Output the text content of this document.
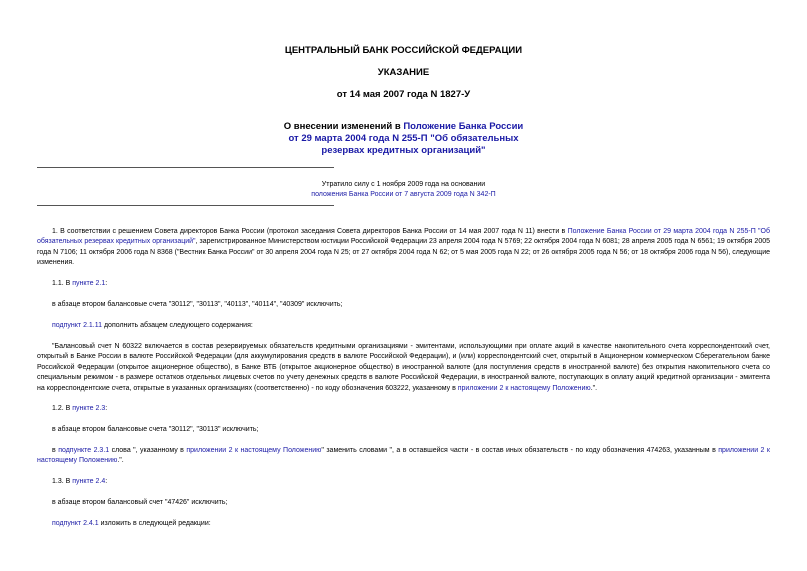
ЦЕНТРАЛЬНЫЙ БАНК РОССИЙСКОЙ ФЕДЕРАЦИИ
УКАЗАНИЕ
от 14 мая 2007 года N 1827-У
О внесении изменений в Положение Банка России
от 29 марта 2004 года N 255-П "Об обязательных
резервах кредитных организаций"
Утратило силу с 1 ноября 2009 года на основании
положения Банка России от 7 августа 2009 года N 342-П
1. В соответствии с решением Совета директоров Банка России (протокол заседания Совета директоров Банка России от 14 мая 2007 года N 11) внести в Положение Банка России от 29 марта 2004 года N 255-П "Об обязательных резервах кредитных организаций", зарегистрированное Министерством юстиции Российской Федерации 23 апреля 2004 года N 5769; 22 октября 2004 года N 6081; 28 апреля 2005 года N 6561; 19 октября 2005 года N 7106; 11 октября 2006 года N 8368 ("Вестник Банка России" от 30 апреля 2004 года N 25; от 27 октября 2004 года N 62; от 5 мая 2005 года N 22; от 26 октября 2005 года N 56; от 18 октября 2006 года N 56), следующие изменения.
1.1. В пункте 2.1:
в абзаце втором балансовые счета "30112", "30113", "40113", "40114", "40309" исключить;
подпункт 2.1.11 дополнить абзацем следующего содержания:
"Балансовый счет N 60322 включается в состав резервируемых обязательств кредитными организациями - эмитентами, использующими при оплате акций в качестве накопительного счета корреспондентский счет, открытый в Банке России в валюте Российской Федерации (для аккумулирования средств в валюте Российской Федерации), и (или) корреспондентский счет, открытый в Акционерном коммерческом Сберегательном банке Российской Федерации (открытое акционерное общество), в Банке ВТБ (открытое акционерное общество) в иностранной валюте (для поступления средств в иностранной валюте) без открытия накопительного счета со специальным режимом - в размере остатков отдельных лицевых счетов по учету денежных средств в валюте Российской Федерации, в иностранной валюте, поступающих в оплату акций кредитной организации - эмитента на корреспондентские счета, открытые в указанных организациях (соответственно) - по коду обозначения 603222, указанному в приложении 2 к настоящему Положению.".
1.2. В пункте 2.3:
в абзаце втором балансовые счета "30112", "30113" исключить;
в подпункте 2.3.1 слова ", указанному в приложении 2 к настоящему Положению" заменить словами ", а в оставшейся части - в состав иных обязательств - по коду обозначения 474263, указанным в приложении 2 к настоящему Положению.".
1.3. В пункте 2.4:
в абзаце втором балансовый счет "47426" исключить;
подпункт 2.4.1 изложить в следующей редакции:
